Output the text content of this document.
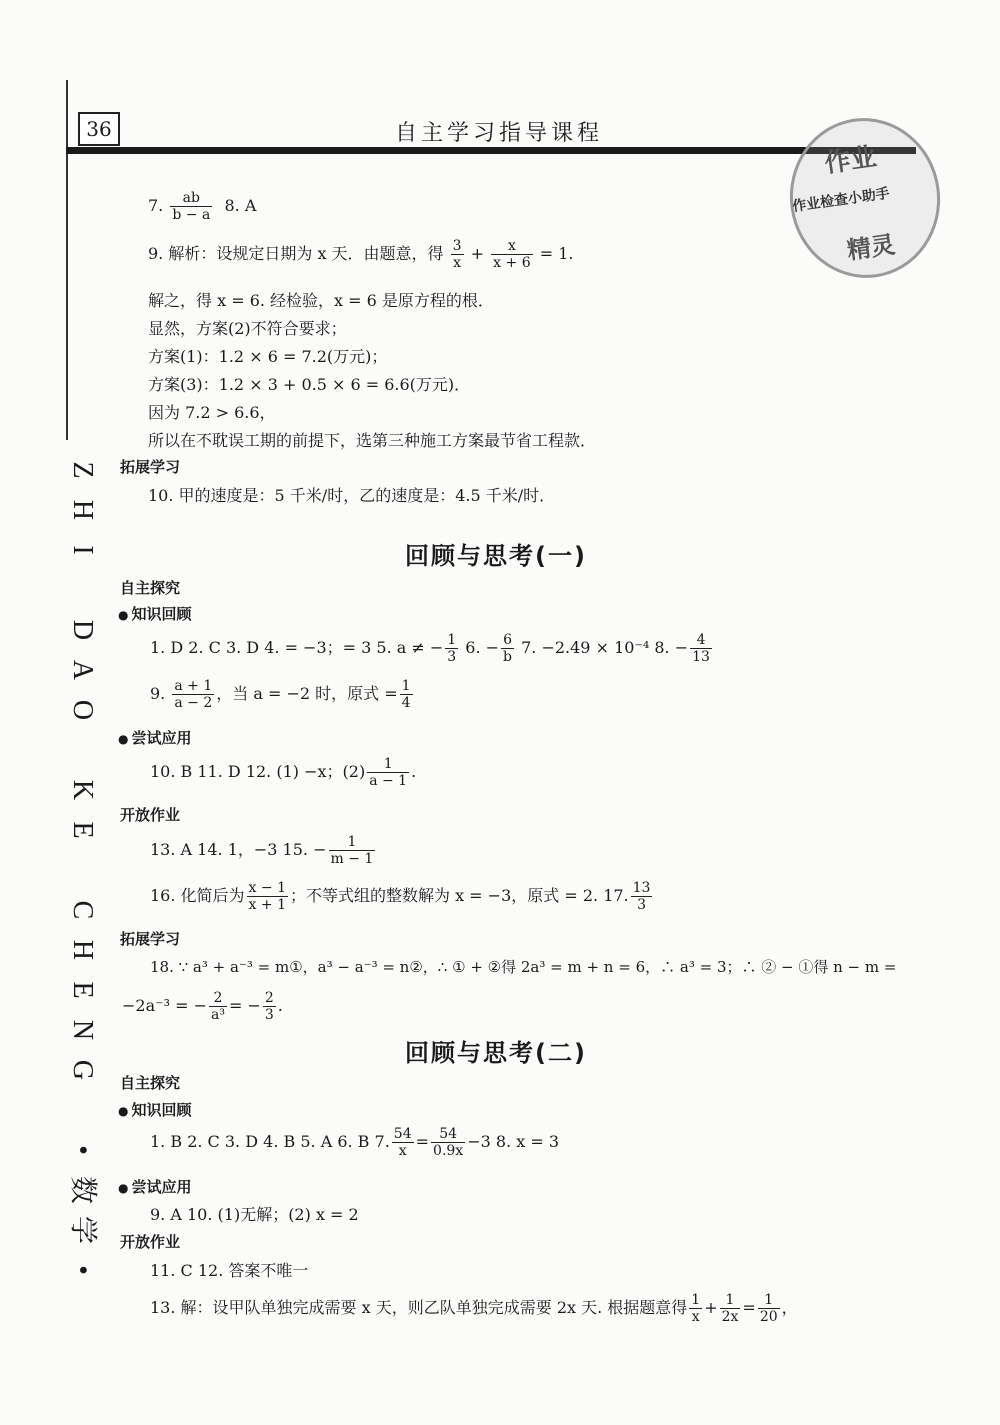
36	自主学习指导课程
作业
作业检查小助手
精灵
Z
H
I
D
A
O
K
E
C
H
E
N
G
•
数
学
•
7. $\frac{ab}{b - a} 8$. A
9. 解析：设规定日期为 x 天．由题意，得 $\frac{3}{x} + \frac{x}{x + 6} = 1$.
解之，得 x = 6. 经检验，x = 6 是原方程的根．
显然，方案(2)不符合要求；
方案(1)：1.2 × 6 = 7.2(万元)；
方案(3)：1.2 × 3 + 0.5 × 6 = 6.6(万元)．
因为 7.2 > 6.6，
所以在不耽误工期的前提下，选第三种施工方案最节省工程款．
拓展学习
10. 甲的速度是：5 千米/时，乙的速度是：4.5 千米/时．
回顾与思考(一)
自主探究
● 知识回顾
1. D 2. C 3. D 4. = −3；= 3 5. a ≠ − $\frac{1}{3} 6$. − $\frac{6}{b} 7$. −2.49 × 10⁻⁴ 8. − $\frac{4}{13}$
9. $\frac{a + 1}{a - 2}$ ，当 a = −2 时，原式 = $\frac{1}{4}$
● 尝试应用
10. B 11. D 12. (1) −x；$(2) \frac{1}{a - 1}$ .
开放作业
13. A 14. 1，−3 15. − $\frac{1}{m - 1}$
16. 化简后为 $\frac{x - 1}{x + 1}$ ；不等式组的整数解为 x = −3，原式 = 2. 17. $\frac{13}{3}$
拓展学习
18. ∵ a³ + a⁻³ = m①，a³ − a⁻³ = n②，∴ ① + ②得 2a³ = m + n = 6，∴ a³ = 3；∴ ② − ①得 n − m =
−2a⁻³ = − $\frac{2}{\text{a³}}$ = − $\frac{2}{3}$ .
回顾与思考(二)
自主探究
● 知识回顾
1. B 2. C 3. D 4. B 5. A 6. B 7. $\frac{54}{x} = \frac{54}{0.9x} -3$ 8. x = 3
● 尝试应用
9. A 10. (1)无解；(2) x = 2
开放作业
11. C 12. 答案不唯一
13. 解：设甲队单独完成需要 x 天，则乙队单独完成需要 2x 天. 根据题意得 $\frac{1}{x} + \frac{1}{2x} = \frac{1}{20}$ ，
